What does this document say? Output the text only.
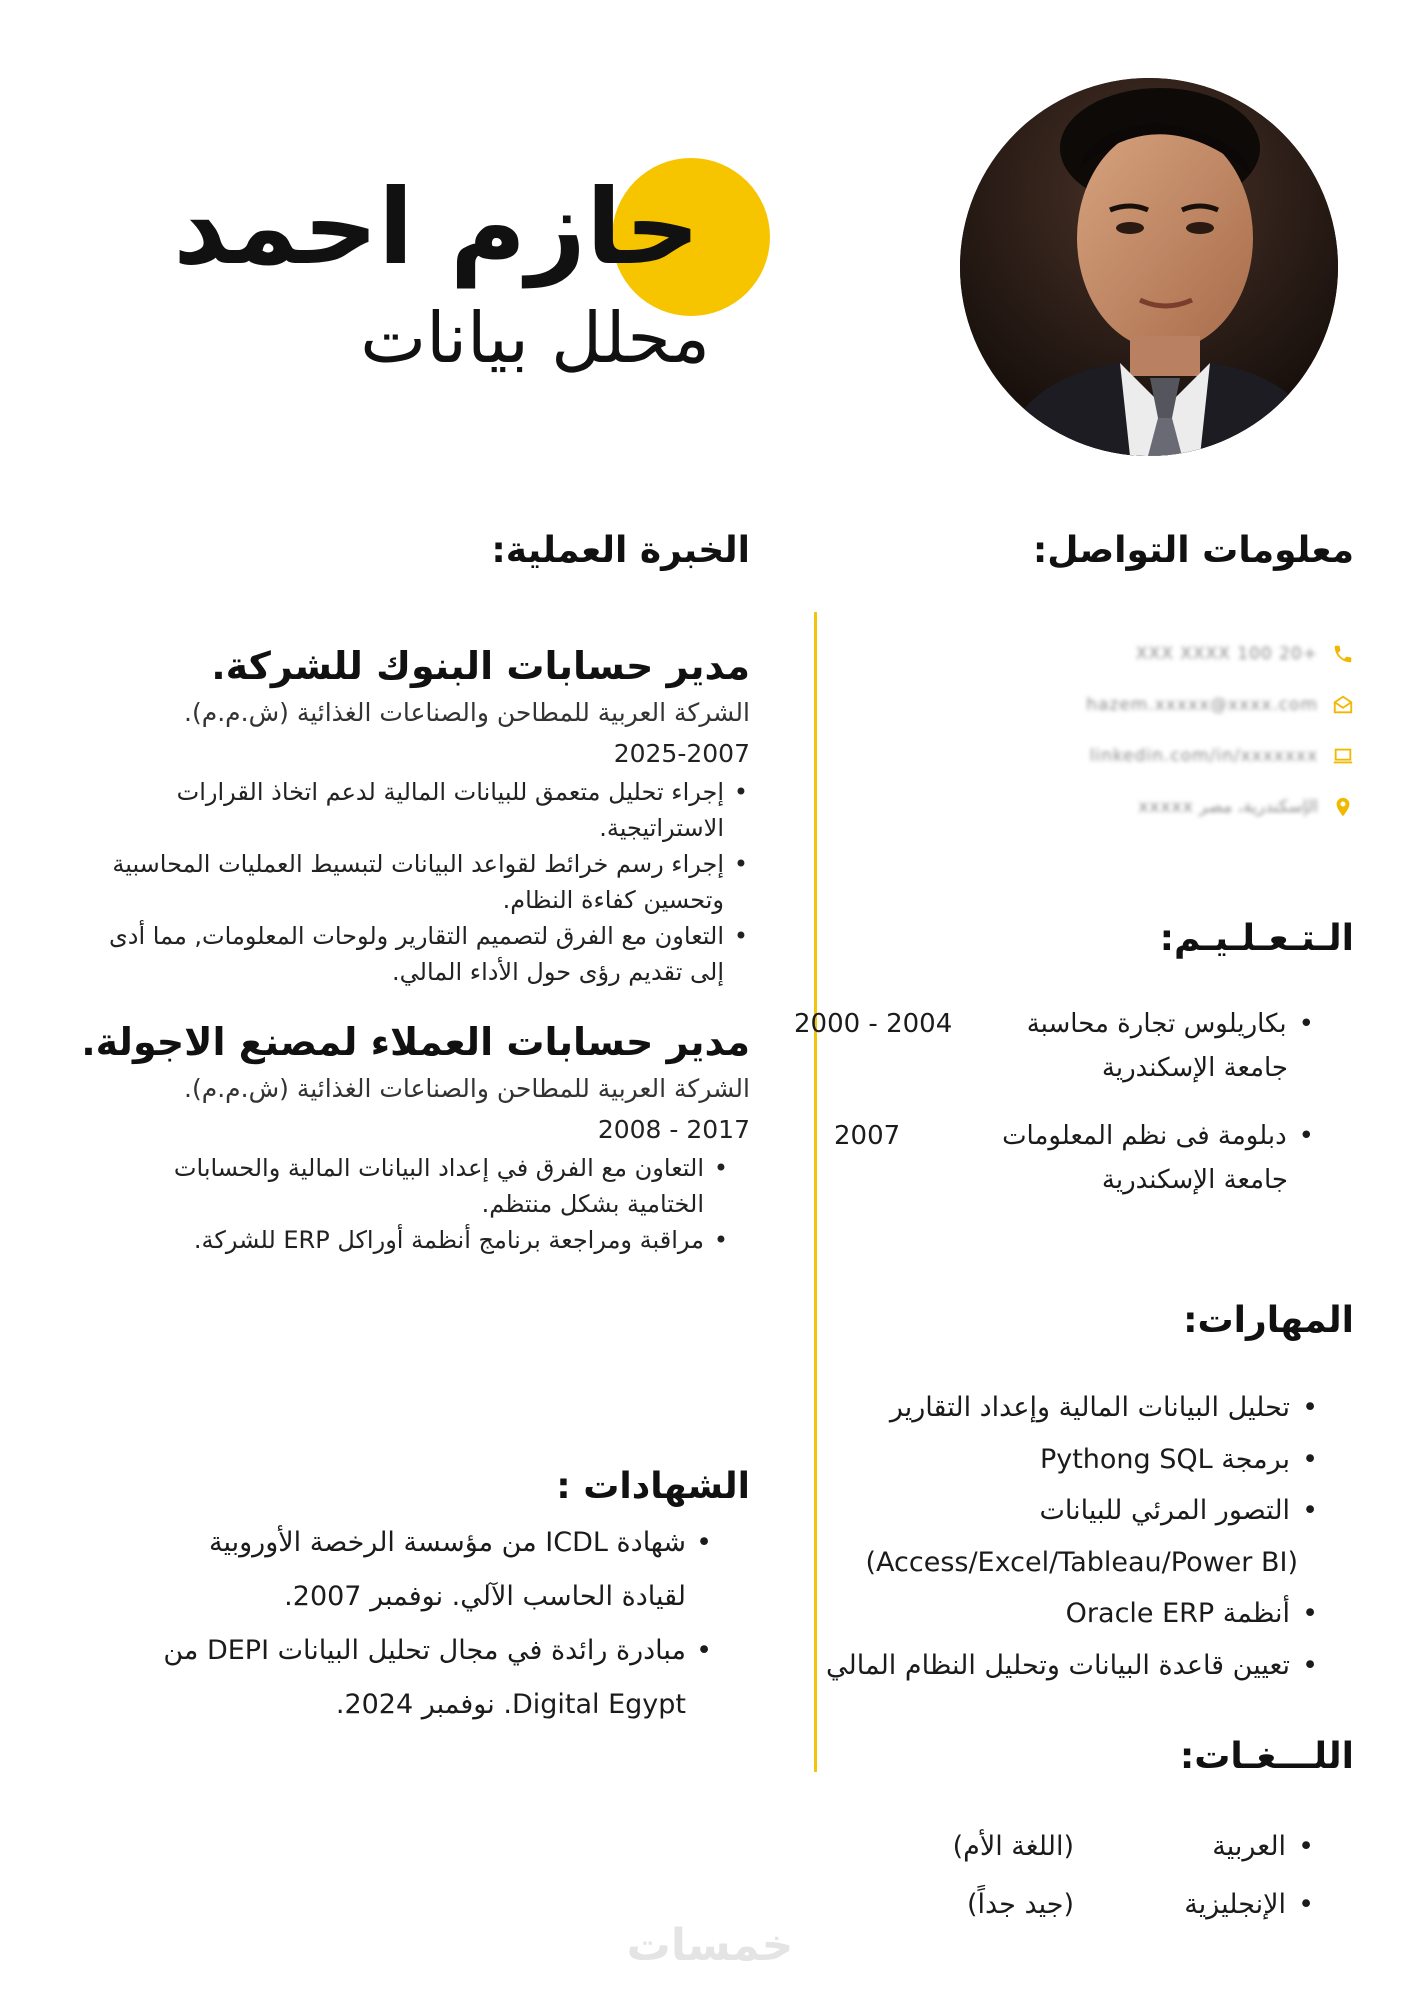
حازم احمد
محلل بيانات
معلومات التواصل:
+20 100 XXX XXXX
hazem.xxxxx@xxxx.com
linkedin.com/in/xxxxxxx
الإسكندرية، مصر xxxxx
الـتـعـلـيـم:
• بكاريلوس تجارة محاسبة
2004 - 2000
جامعة الإسكندرية
• دبلومة فى نظم المعلومات
2007
جامعة الإسكندرية
المهارات:
• تحليل البيانات المالية وإعداد التقارير
• برمجة Pythong SQL
• التصور المرئي للبيانات
(Access/Excel/Tableau/Power BI)
• أنظمة Oracle ERP
• تعيين قاعدة البيانات وتحليل النظام المالي
اللـــغـات:
• العربية
(اللغة الأم)
• الإنجليزية
(جيد جداً)
الخبرة العملية:
مدير حسابات البنوك للشركة.
الشركة العربية للمطاحن والصناعات الغذائية (ش.م.م).
2025-2007
• إجراء تحليل متعمق للبيانات المالية لدعم اتخاذ القرارات الاستراتيجية.
• إجراء رسم خرائط لقواعد البيانات لتبسيط العمليات المحاسبية وتحسين كفاءة النظام.
• التعاون مع الفرق لتصميم التقارير ولوحات المعلومات, مما أدى إلى تقديم رؤى حول الأداء المالي.
مدير حسابات العملاء لمصنع الاجولة.
الشركة العربية للمطاحن والصناعات الغذائية (ش.م.م).
2017 - 2008
• التعاون مع الفرق في إعداد البيانات المالية والحسابات الختامية بشكل منتظم.
• مراقبة ومراجعة برنامج أنظمة أوراكل ERP للشركة.
الشهادات :
• شهادة ICDL من مؤسسة الرخصة الأوروبية لقيادة الحاسب الآلي. نوفمبر 2007.
• مبادرة رائدة في مجال تحليل البيانات DEPI من Digital Egypt. نوفمبر 2024.
خمسات
